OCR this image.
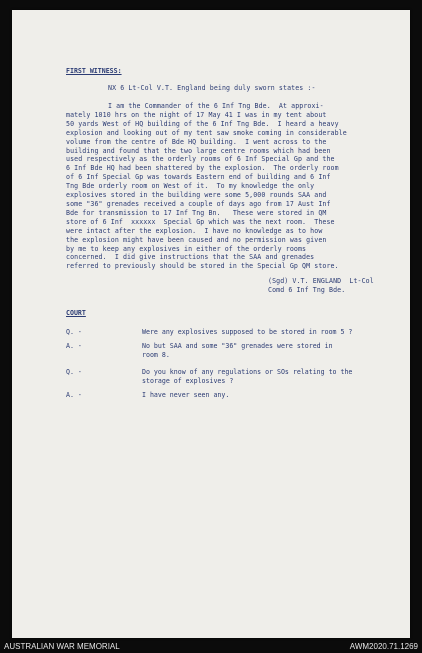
FIRST WITNESS:
NX 6 Lt-Col V.T. England being duly sworn states :-
I am the Commander of the 6 Inf Tng Bde.  At approxi-
mately 1010 hrs on the night of 17 May 41 I was in my tent about
50 yards West of HQ building of the 6 Inf Tng Bde.  I heard a heavy
explosion and looking out of my tent saw smoke coming in considerable
volume from the centre of Bde HQ building.  I went across to the
building and found that the two large centre rooms which had been
used respectively as the orderly rooms of 6 Inf Special Gp and the
6 Inf Bde HQ had been shattered by the explosion.  The orderly room
of 6 Inf Special Gp was towards Eastern end of building and 6 Inf
Tng Bde orderly room on West of it.  To my knowledge the only
explosives stored in the building were some 5,000 rounds SAA and
some "36" grenades received a couple of days ago from 17 Aust Inf
Bde for transmission to 17 Inf Tng Bn.   These were stored in QM
store of 6 Inf  xxxxxx  Special Gp which was the next room.  These
were intact after the explosion.  I have no knowledge as to how
the explosion might have been caused and no permission was given
by me to keep any explosives in either of the orderly rooms
concerned.  I did give instructions that the SAA and grenades
referred to previously should be stored in the Special Gp QM store.
(Sgd) V.T. ENGLAND  Lt-Col
Comd 6 Inf Tng Bde.
COURT
Q. -	Were any explosives supposed to be stored in room 5 ?
A. -	No but SAA and some "36" grenades were stored in
room 8.
Q. -	Do you know of any regulations or SOs relating to the
storage of explosives ?
A. -	I have never seen any.
AUSTRALIAN WAR MEMORIAL	AWM2020.71.1269
